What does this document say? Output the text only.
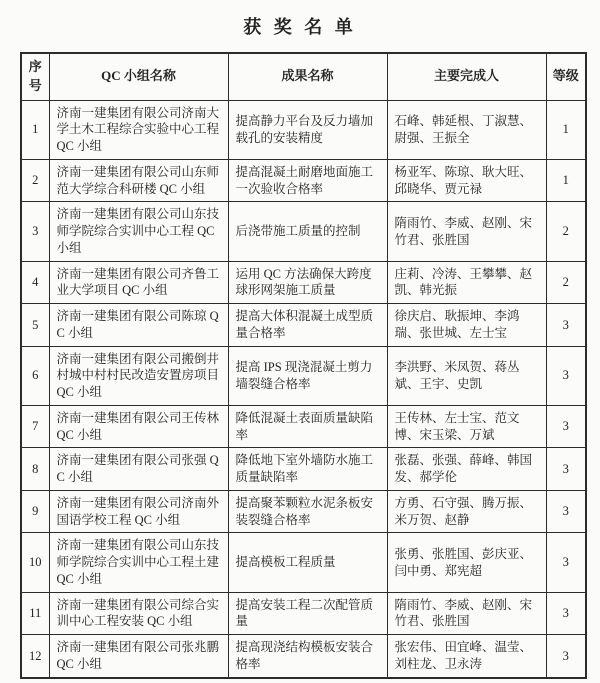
获 奖 名 单
序号	QC 小组名称	成果名称	主要完成人	等级
1	济南一建集团有限公司济南大学土木工程综合实验中心工程 QC 小组	提高静力平台及反力墙加载孔的安装精度	石峰、韩延根、丁淑慧、尉强、王振全	1
2	济南一建集团有限公司山东师范大学综合科研楼 QC 小组	提高混凝土耐磨地面施工一次验收合格率	杨亚军、陈琼、耿大旺、邱晓华、贾元禄	1
3	济南一建集团有限公司山东技师学院综合实训中心工程 QC 小组	后浇带施工质量的控制	隋雨竹、李威、赵刚、宋竹君、张胜国	2
4	济南一建集团有限公司齐鲁工业大学项目 QC 小组	运用 QC 方法确保大跨度球形网架施工质量	庄莉、冷涛、王攀攀、赵凯、韩光振	2
5	济南一建集团有限公司陈琼 QC 小组	提高大体积混凝土成型质量合格率	徐庆启、耿振坤、李鸿瑞、张世城、左士宝	3
6	济南一建集团有限公司搬倒井村城中村村民改造安置房项目 QC 小组	提高 IPS 现浇混凝土剪力墙裂缝合格率	李洪野、米凤贺、蒋丛斌、王宇、史凯	3
7	济南一建集团有限公司王传林 QC 小组	降低混凝土表面质量缺陷率	王传林、左士宝、范文博、宋玉梁、万斌	3
8	济南一建集团有限公司张强 QC 小组	降低地下室外墙防水施工质量缺陷率	张磊、张强、薛峰、韩国发、郝学伦	3
9	济南一建集团有限公司济南外国语学校工程 QC 小组	提高聚苯颗粒水泥条板安装裂缝合格率	方勇、石守强、腾万振、米万贺、赵静	3
10	济南一建集团有限公司山东技师学院综合实训中心工程土建 QC 小组	提高模板工程质量	张勇、张胜国、彭庆亚、闫中勇、郑宪超	3
11	济南一建集团有限公司综合实训中心工程安装 QC 小组	提高安装工程二次配管质量	隋雨竹、李威、赵刚、宋竹君、张胜国	3
12	济南一建集团有限公司张兆鹏 QC 小组	提高现浇结构模板安装合格率	张宏伟、田宜峰、温莹、刘柱龙、卫永涛	3
